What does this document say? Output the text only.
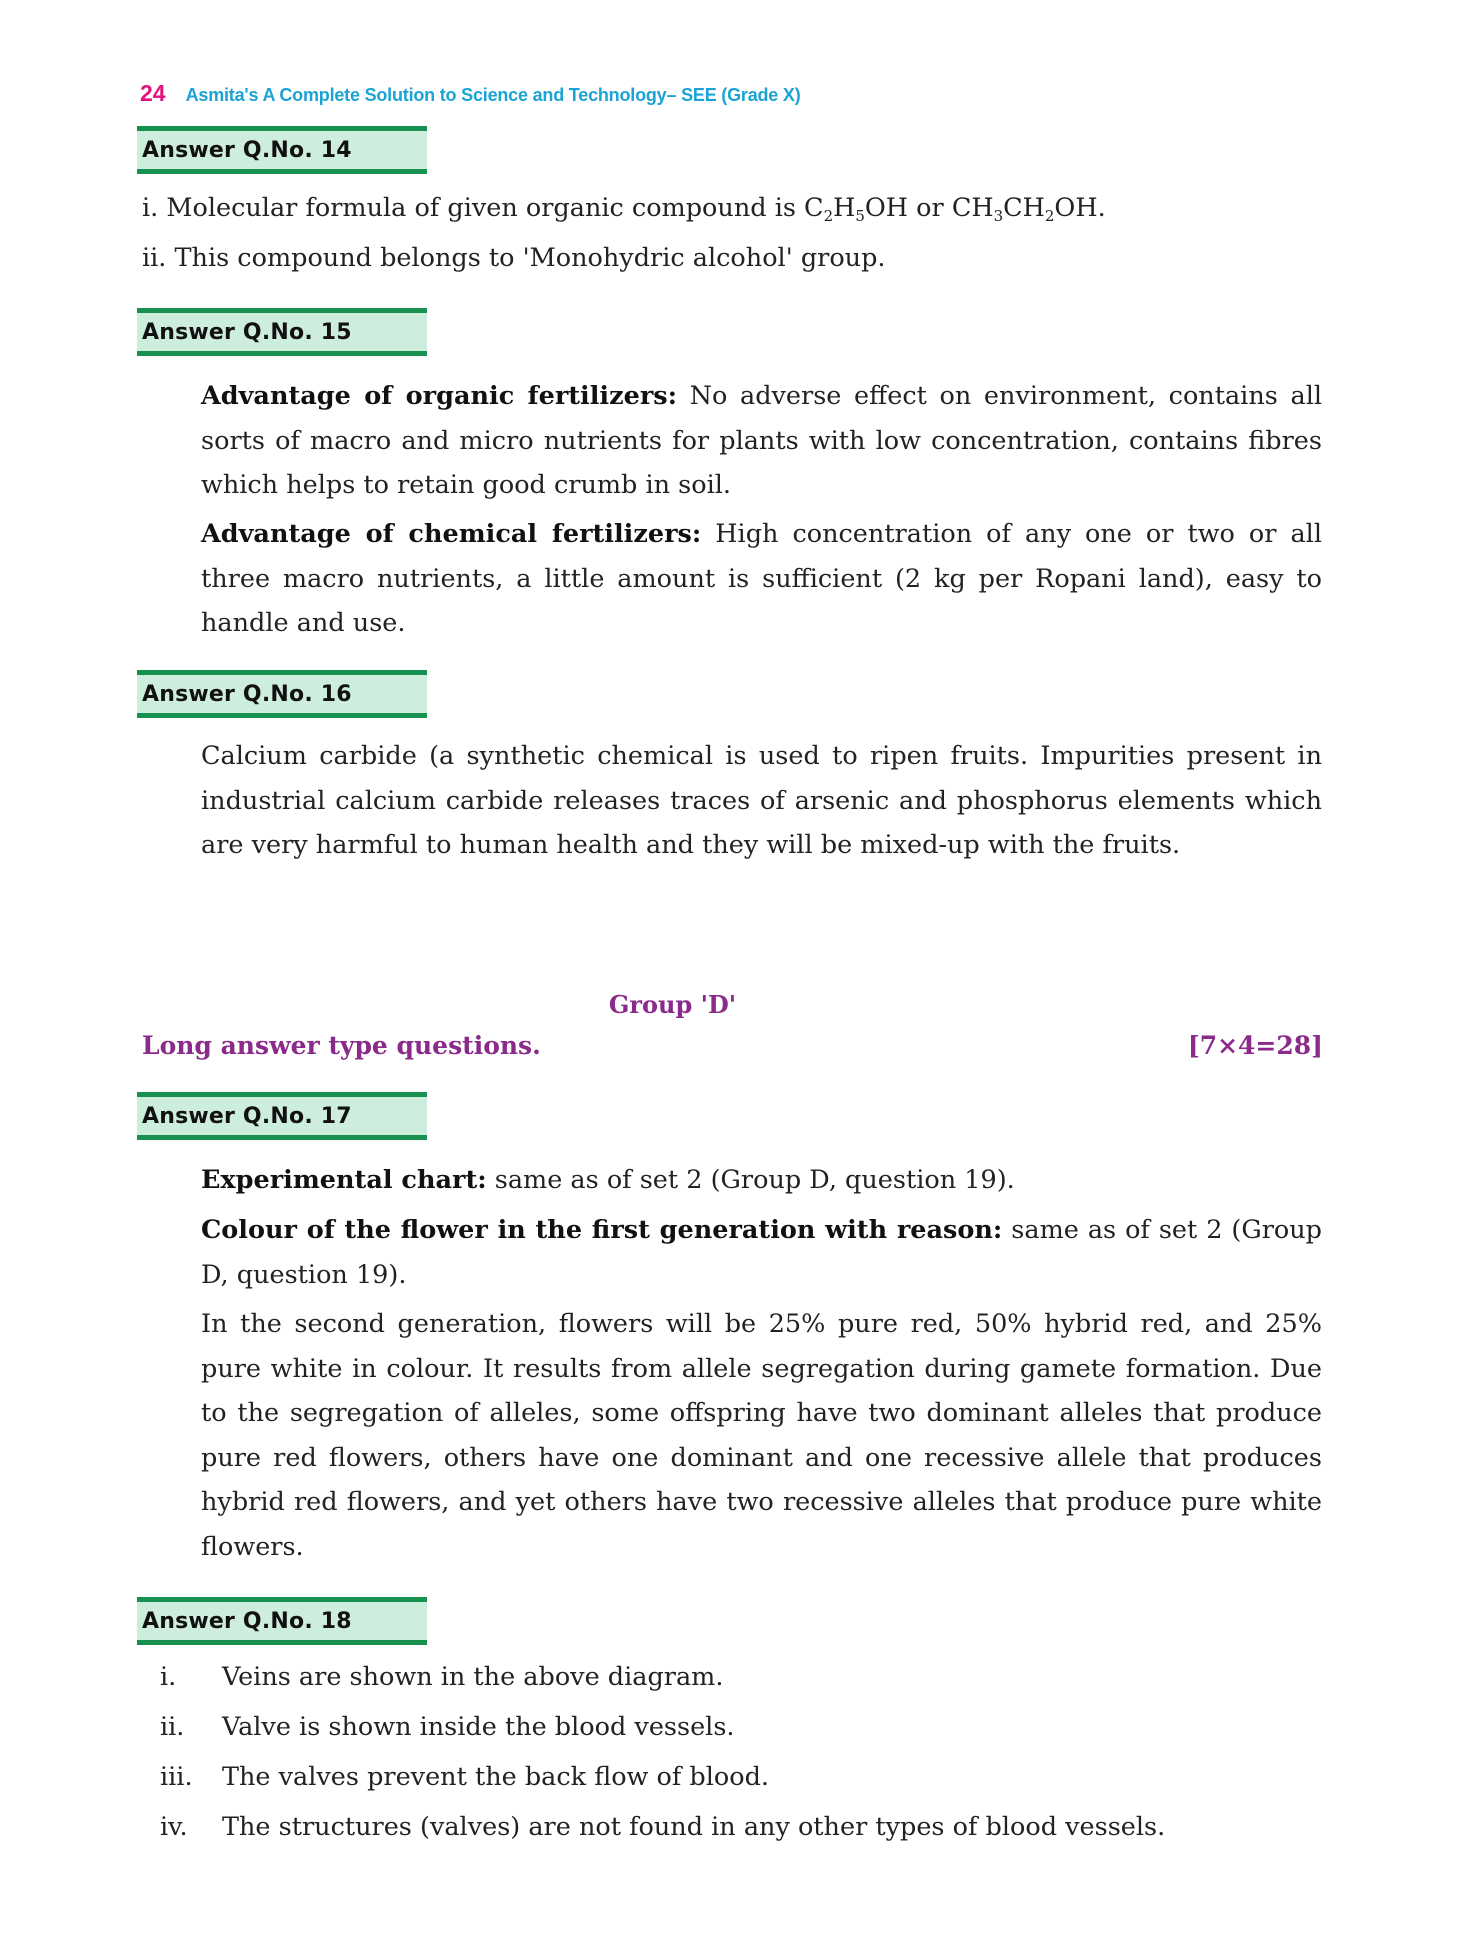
24 Asmita's A Complete Solution to Science and Technology– SEE (Grade X)
Answer Q.No. 14
i. Molecular formula of given organic compound is $C_2H_5OH$ or $CH_3CH_2OH$.
ii. This compound belongs to 'Monohydric alcohol' group.
Answer Q.No. 15
Advantage of organic fertilizers: No adverse effect on environment, contains all sorts of macro and micro nutrients for plants with low concentration, contains fibres which helps to retain good crumb in soil.
Advantage of chemical fertilizers: High concentration of any one or two or all three macro nutrients, a little amount is sufficient (2 kg per Ropani land), easy to handle and use.
Answer Q.No. 16
Calcium carbide (a synthetic chemical is used to ripen fruits. Impurities present in industrial calcium carbide releases traces of arsenic and phosphorus elements which are very harmful to human health and they will be mixed-up with the fruits.
Group 'D'
Long answer type questions.	[7×4=28]
Answer Q.No. 17
Experimental chart: same as of set 2 (Group D, question 19).
Colour of the flower in the first generation with reason: same as of set 2 (Group D, question 19).
In the second generation, flowers will be 25% pure red, 50% hybrid red, and 25% pure white in colour. It results from allele segregation during gamete formation. Due to the segregation of alleles, some offspring have two dominant alleles that produce pure red flowers, others have one dominant and one recessive allele that produces hybrid red flowers, and yet others have two recessive alleles that produce pure white flowers.
Answer Q.No. 18
i. Veins are shown in the above diagram.
ii. Valve is shown inside the blood vessels.
iii. The valves prevent the back flow of blood.
iv. The structures (valves) are not found in any other types of blood vessels.
